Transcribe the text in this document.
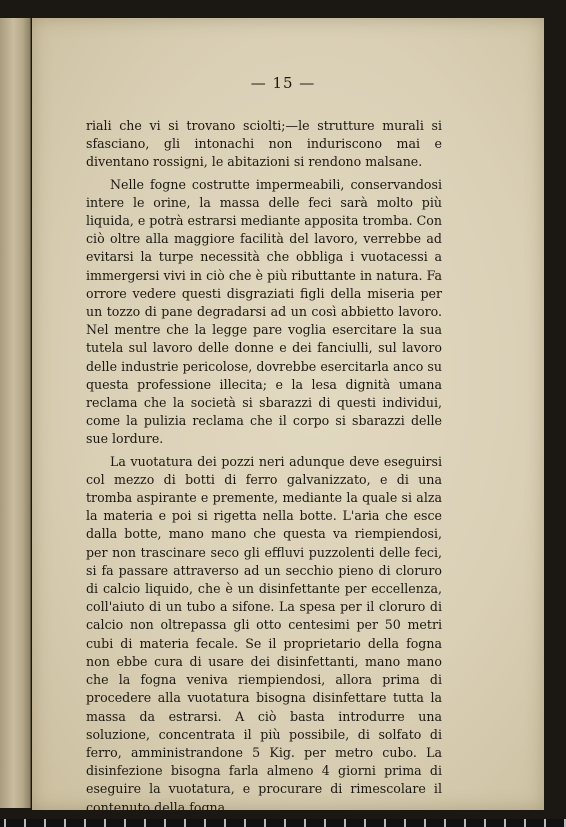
— 15 —

riali che vi si trovano sciolti;—le strutture murali si sfasciano, gli intonachi non induriscono mai e diventano rossigni, le abitazioni si rendono malsane.

Nelle fogne costrutte impermeabili, conservandosi intere le orine, la massa delle feci sarà molto più liquida, e potrà estrarsi mediante apposita tromba. Con ciò oltre alla maggiore facilità del lavoro, verrebbe ad evitarsi la turpe necessità che obbliga i vuotacessi a immergersi vivi in ciò che è più ributtante in natura. Fa orrore vedere questi disgraziati figli della miseria per un tozzo di pane degradarsi ad un così abbietto lavoro. Nel mentre che la legge pare voglia esercitare la sua tutela sul lavoro delle donne e dei fanciulli, sul lavoro delle industrie pericolose, dovrebbe esercitarla anco su questa professione illecita; e la lesa dignità umana reclama che la società si sbarazzi di questi individui, come la pulizia reclama che il corpo si sbarazzi delle sue lordure.

La vuotatura dei pozzi neri adunque deve eseguirsi col mezzo di botti di ferro galvanizzato, e di una tromba aspirante e premente, mediante la quale si alza la materia e poi si rigetta nella botte. L'aria che esce dalla botte, mano mano che questa va riempiendosi, per non trascinare seco gli effluvi puzzolenti delle feci, si fa passare attraverso ad un secchio pieno di cloruro di calcio liquido, che è un disinfettante per eccellenza, coll'aiuto di un tubo a sifone. La spesa per il cloruro di calcio non oltrepassa gli otto centesimi per 50 metri cubi di materia fecale. Se il proprietario della fogna non ebbe cura di usare dei disinfettanti, mano mano che la fogna veniva riempiendosi, allora prima di procedere alla vuotatura bisogna disinfettare tutta la massa da estrarsi. A ciò basta introdurre una soluzione, concentrata il più possibile, di solfato di ferro, amministrandone 5 Kig. per metro cubo. La disinfezione bisogna farla almeno 4 giorni prima di eseguire la vuotatura, e procurare di rimescolare il contenuto della fogna.
